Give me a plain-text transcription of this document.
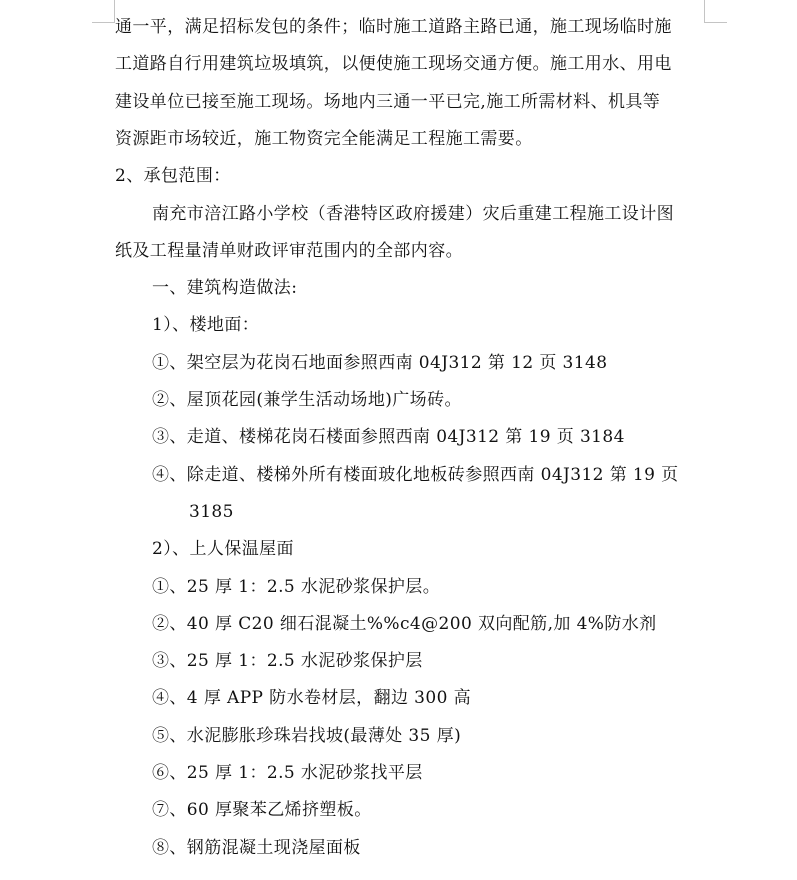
通一平，满足招标发包的条件；临时施工道路主路已通，施工现场临时施
工道路自行用建筑垃圾填筑，以便使施工现场交通方便。施工用水、用电
建设单位已接至施工现场。场地内三通一平已完,施工所需材料、机具等
资源距市场较近，施工物资完全能满足工程施工需要。
2、承包范围：
南充市涪江路小学校（香港特区政府援建）灾后重建工程施工设计图
纸及工程量清单财政评审范围内的全部内容。
一、建筑构造做法:
1）、楼地面：
①、架空层为花岗石地面参照西南 04J312 第 12 页 3148
②、屋顶花园(兼学生活动场地)广场砖。
③、走道、楼梯花岗石楼面参照西南 04J312 第 19 页 3184
④、除走道、楼梯外所有楼面玻化地板砖参照西南 04J312 第 19 页
3185
2）、上人保温屋面
①、25 厚 1：2.5 水泥砂浆保护层。
②、40 厚 C20 细石混凝土%%c4@200 双向配筋,加 4%防水剂
③、25 厚 1：2.5 水泥砂浆保护层
④、4 厚 APP 防水卷材层，翻边 300 高
⑤、水泥膨胀珍珠岩找坡(最薄处 35 厚)
⑥、25 厚 1：2.5 水泥砂浆找平层
⑦、60 厚聚苯乙烯挤塑板。
⑧、钢筋混凝土现浇屋面板
